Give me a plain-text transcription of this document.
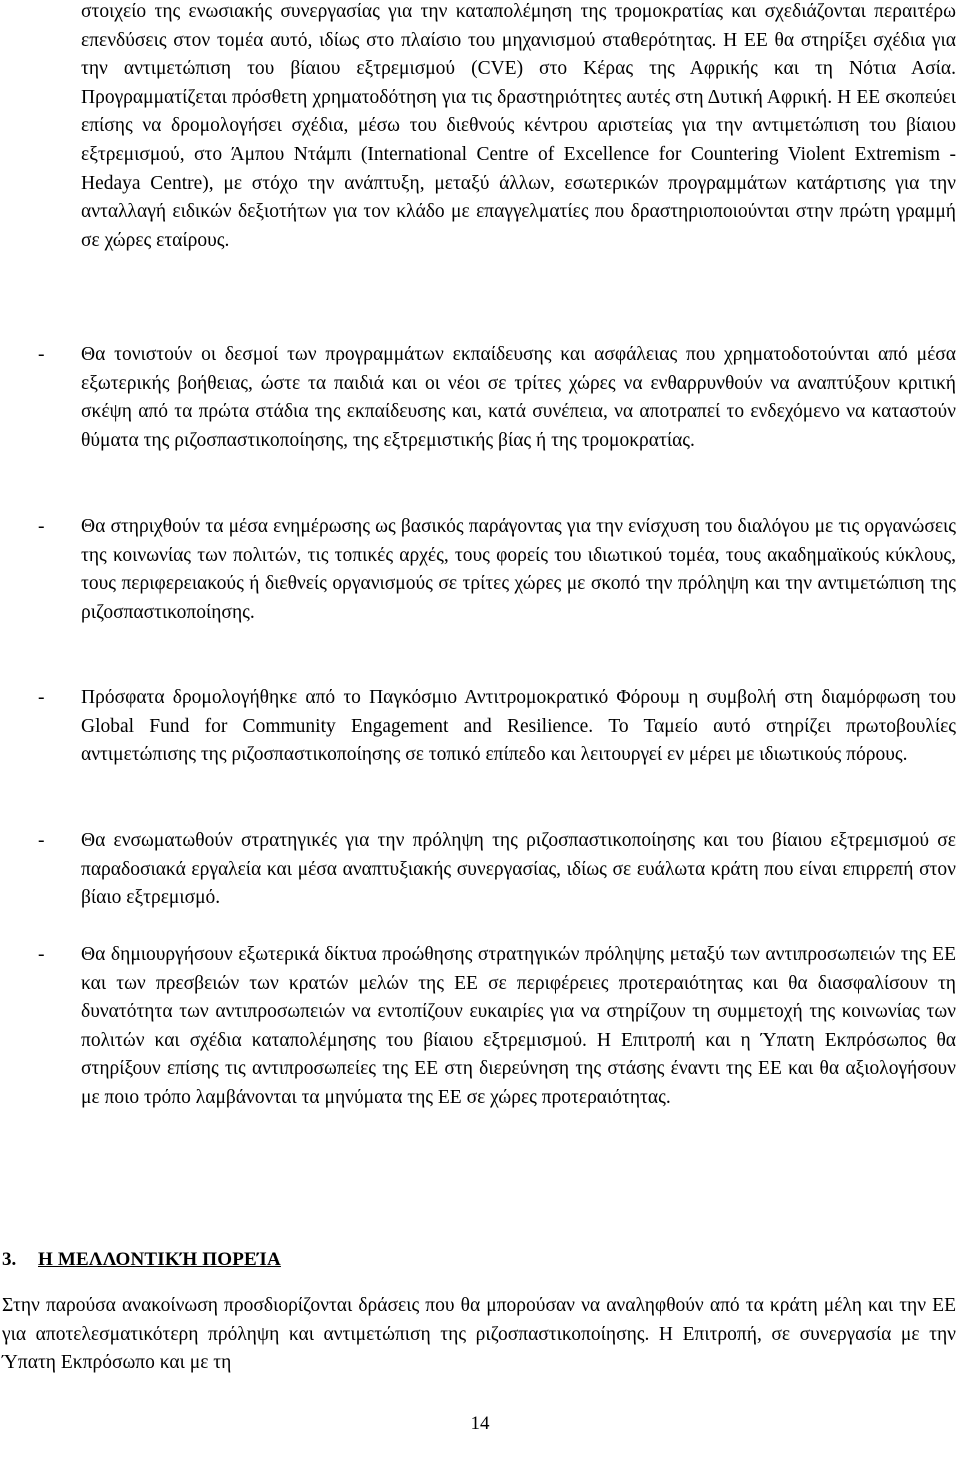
στοιχείο της ενωσιακής συνεργασίας για την καταπολέμηση της τρομοκρατίας και σχεδιάζονται περαιτέρω επενδύσεις στον τομέα αυτό, ιδίως στο πλαίσιο του μηχανισμού σταθερότητας. Η ΕΕ θα στηρίξει σχέδια για την αντιμετώπιση του βίαιου εξτρεμισμού (CVE) στο Κέρας της Αφρικής και τη Νότια Ασία. Προγραμματίζεται πρόσθετη χρηματοδότηση για τις δραστηριότητες αυτές στη Δυτική Αφρική. Η ΕΕ σκοπεύει επίσης να δρομολογήσει σχέδια, μέσω του διεθνούς κέντρου αριστείας για την αντιμετώπιση του βίαιου εξτρεμισμού, στο Άμπου Ντάμπι (International Centre of Excellence for Countering Violent Extremism - Hedaya Centre), με στόχο την ανάπτυξη, μεταξύ άλλων, εσωτερικών προγραμμάτων κατάρτισης για την ανταλλαγή ειδικών δεξιοτήτων για τον κλάδο με επαγγελματίες που δραστηριοποιούνται στην πρώτη γραμμή σε χώρες εταίρους.

- Θα τονιστούν οι δεσμοί των προγραμμάτων εκπαίδευσης και ασφάλειας που χρηματοδοτούνται από μέσα εξωτερικής βοήθειας, ώστε τα παιδιά και οι νέοι σε τρίτες χώρες να ενθαρρυνθούν να αναπτύξουν κριτική σκέψη από τα πρώτα στάδια της εκπαίδευσης και, κατά συνέπεια, να αποτραπεί το ενδεχόμενο να καταστούν θύματα της ριζοσπαστικοποίησης, της εξτρεμιστικής βίας ή της τρομοκρατίας.

- Θα στηριχθούν τα μέσα ενημέρωσης ως βασικός παράγοντας για την ενίσχυση του διαλόγου με τις οργανώσεις της κοινωνίας των πολιτών, τις τοπικές αρχές, τους φορείς του ιδιωτικού τομέα, τους ακαδημαϊκούς κύκλους, τους περιφερειακούς ή διεθνείς οργανισμούς σε τρίτες χώρες με σκοπό την πρόληψη και την αντιμετώπιση της ριζοσπαστικοποίησης.

- Πρόσφατα δρομολογήθηκε από το Παγκόσμιο Αντιτρομοκρατικό Φόρουμ η συμβολή στη διαμόρφωση του Global Fund for Community Engagement and Resilience. Το Ταμείο αυτό στηρίζει πρωτοβουλίες αντιμετώπισης της ριζοσπαστικοποίησης σε τοπικό επίπεδο και λειτουργεί εν μέρει με ιδιωτικούς πόρους.

- Θα ενσωματωθούν στρατηγικές για την πρόληψη της ριζοσπαστικοποίησης και του βίαιου εξτρεμισμού σε παραδοσιακά εργαλεία και μέσα αναπτυξιακής συνεργασίας, ιδίως σε ευάλωτα κράτη που είναι επιρρεπή στον βίαιο εξτρεμισμό.

- Θα δημιουργήσουν εξωτερικά δίκτυα προώθησης στρατηγικών πρόληψης μεταξύ των αντιπροσωπειών της ΕΕ και των πρεσβειών των κρατών μελών της ΕΕ σε περιφέρειες προτεραιότητας και θα διασφαλίσουν τη δυνατότητα των αντιπροσωπειών να εντοπίζουν ευκαιρίες για να στηρίζουν τη συμμετοχή της κοινωνίας των πολιτών και σχέδια καταπολέμησης του βίαιου εξτρεμισμού. Η Επιτροπή και η Ύπατη Εκπρόσωπος θα στηρίξουν επίσης τις αντιπροσωπείες της ΕΕ στη διερεύνηση της στάσης έναντι της ΕΕ και θα αξιολογήσουν με ποιο τρόπο λαμβάνονται τα μηνύματα της ΕΕ σε χώρες προτεραιότητας.

3. Η ΜΕΛΛΟΝΤΙΚΉ ΠΟΡΕΊΑ

Στην παρούσα ανακοίνωση προσδιορίζονται δράσεις που θα μπορούσαν να αναληφθούν από τα κράτη μέλη και την ΕΕ για αποτελεσματικότερη πρόληψη και αντιμετώπιση της ριζοσπαστικοποίησης. Η Επιτροπή, σε συνεργασία με την Ύπατη Εκπρόσωπο και με τη

14
